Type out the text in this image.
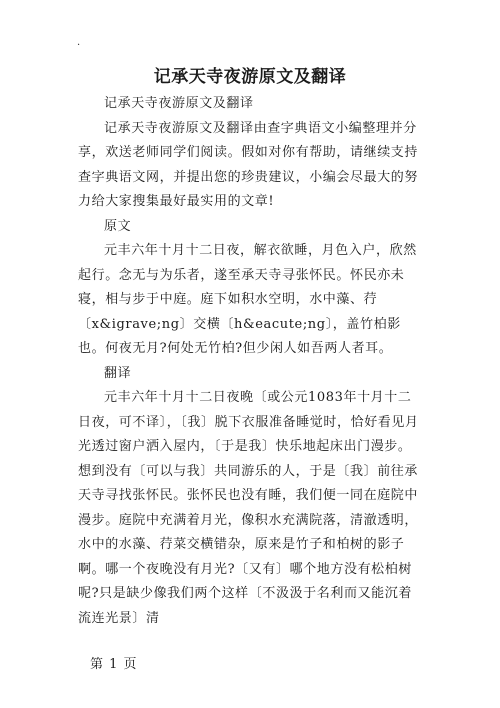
·
记承天寺夜游原文及翻译

记承天寺夜游原文及翻译

记承天寺夜游原文及翻译由查字典语文小编整理并分享，欢送老师同学们阅读。假如对你有帮助，请继续支持查字典语文网，并提出您的珍贵建议，小编会尽最大的努力给大家搜集最好最实用的文章!

原文

元丰六年十月十二日夜，解衣欲睡，月色入户，欣然起行。念无与为乐者，遂至承天寺寻张怀民。怀民亦未寝，相与步于中庭。庭下如积水空明，水中藻、荇〔x&igrave;ng〕交横〔h&eacute;ng〕，盖竹柏影也。何夜无月?何处无竹柏?但少闲人如吾两人者耳。

翻译

元丰六年十月十二日夜晚〔或公元1083年十月十二日夜，可不译〕，〔我〕脱下衣服准备睡觉时，恰好看见月光透过窗户洒入屋内，〔于是我〕快乐地起床出门漫步。想到没有〔可以与我〕共同游乐的人，于是〔我〕前往承天寺寻找张怀民。张怀民也没有睡，我们便一同在庭院中漫步。庭院中充满着月光，像积水充满院落，清澈透明，水中的水藻、荇菜交横错杂，原来是竹子和柏树的影子啊。哪一个夜晚没有月光?〔又有〕哪个地方没有松柏树呢?只是缺少像我们两个这样〔不汲汲于名利而又能沉着流连光景〕清

第 1 页
